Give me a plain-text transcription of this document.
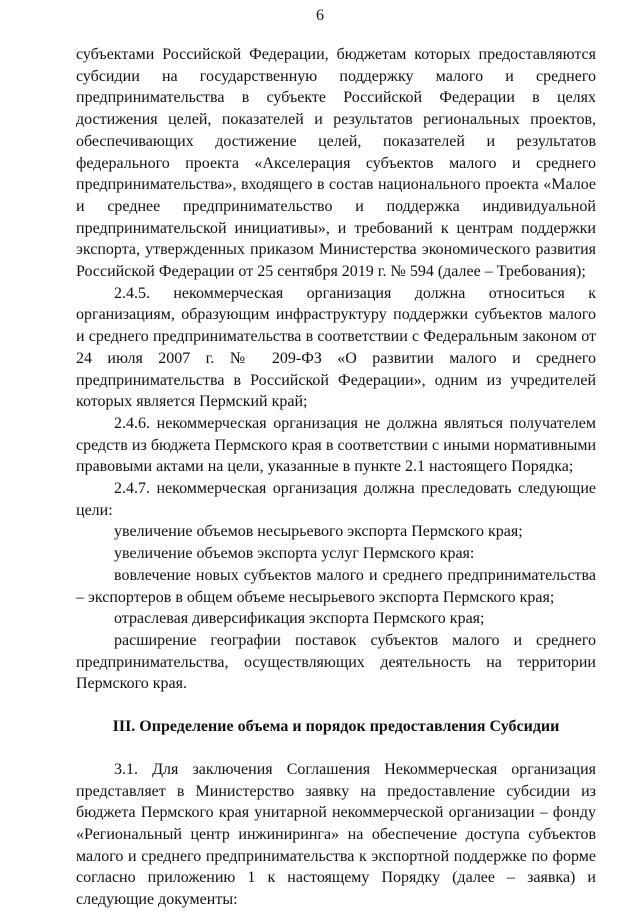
6

субъектами Российской Федерации, бюджетам которых предоставляются субсидии на государственную поддержку малого и среднего предпринимательства в субъекте Российской Федерации в целях достижения целей, показателей и результатов региональных проектов, обеспечивающих достижение целей, показателей и результатов федерального проекта «Акселерация субъектов малого и среднего предпринимательства», входящего в состав национального проекта «Малое и среднее предпринимательство и поддержка индивидуальной предпринимательской инициативы», и требований к центрам поддержки экспорта, утвержденных приказом Министерства экономического развития Российской Федерации от 25 сентября 2019 г. № 594 (далее – Требования);

2.4.5. некоммерческая организация должна относиться к организациям, образующим инфраструктуру поддержки субъектов малого и среднего предпринимательства в соответствии с Федеральным законом от 24 июля 2007 г. № 209-ФЗ «О развитии малого и среднего предпринимательства в Российской Федерации», одним из учредителей которых является Пермский край;

2.4.6. некоммерческая организация не должна являться получателем средств из бюджета Пермского края в соответствии с иными нормативными правовыми актами на цели, указанные в пункте 2.1 настоящего Порядка;

2.4.7. некоммерческая организация должна преследовать следующие цели:

увеличение объемов несырьевого экспорта Пермского края;

увеличение объемов экспорта услуг Пермского края:

вовлечение новых субъектов малого и среднего предпринимательства – экспортеров в общем объеме несырьевого экспорта Пермского края;

отраслевая диверсификация экспорта Пермского края;

расширение географии поставок субъектов малого и среднего предпринимательства, осуществляющих деятельность на территории Пермского края.

III. Определение объема и порядок предоставления Субсидии

3.1. Для заключения Соглашения Некоммерческая организация представляет в Министерство заявку на предоставление субсидии из бюджета Пермского края унитарной некоммерческой организации – фонду «Региональный центр инжиниринга» на обеспечение доступа субъектов малого и среднего предпринимательства к экспортной поддержке по форме согласно приложению 1 к настоящему Порядку (далее – заявка) и следующие документы:
